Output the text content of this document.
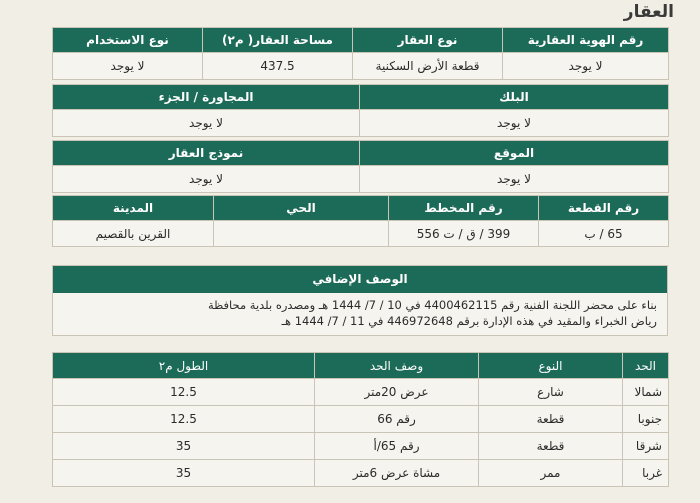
العقار
رقم الهوية العقارية	نوع العقار	مساحة العقار( م٢)	نوع الاستخدام
لا يوجد	قطعة الأرض السكنية	437.5	لا يوجد
البلك	المجاورة / الجزء
لا يوجد	لا يوجد
الموقع	نموذج العقار
لا يوجد	لا يوجد
رقم القطعة	رقم المخطط	الحي	المدينة
65 / ب	399 / ق / ت 556		القرين بالقصيم
الوصف الإضافي
بناء على محضر اللجنة الفنية رقم 4400462115 في 10 / 7/ 1444 هـ ومصدره بلدية محافظة
رياض الخبراء والمقيد في هذه الإدارة برقم 446972648 في 11 / 7/ 1444 هـ
الحد	النوع	وصف الحد	الطول م٢
شمالا	شارع	عرض 20متر	12.5
جنوبا	قطعة	رقم 66	12.5
شرقا	قطعة	رقم 65/أ	35
غربا	ممر	مشاة عرض 6متر	35
